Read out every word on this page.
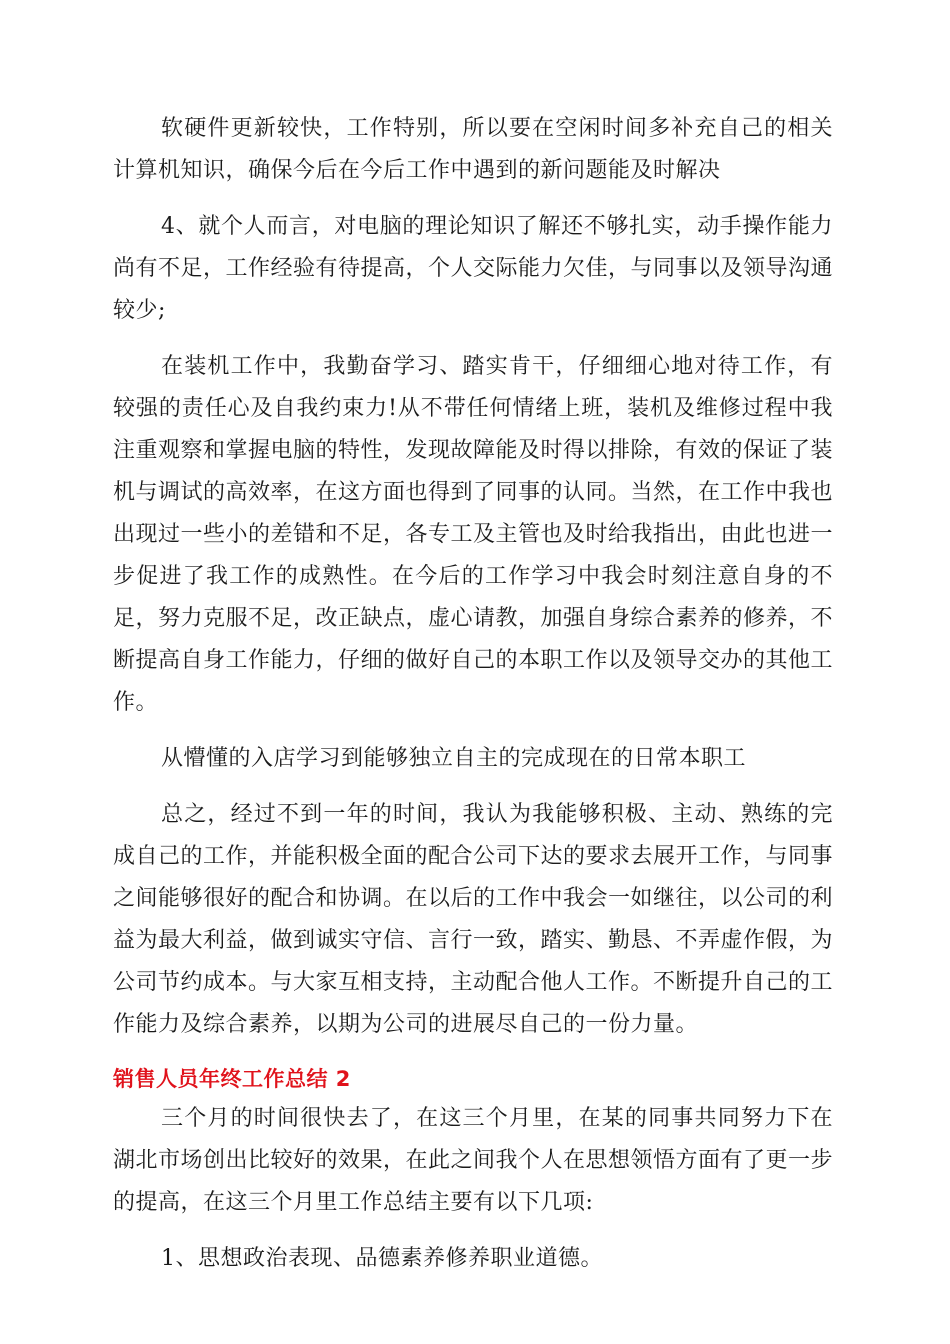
软硬件更新较快，工作特别，所以要在空闲时间多补充自己的相关计算机知识，确保今后在今后工作中遇到的新问题能及时解决

4、就个人而言，对电脑的理论知识了解还不够扎实，动手操作能力尚有不足，工作经验有待提高，个人交际能力欠佳，与同事以及领导沟通较少;

在装机工作中，我勤奋学习、踏实肯干，仔细细心地对待工作，有较强的责任心及自我约束力!从不带任何情绪上班，装机及维修过程中我注重观察和掌握电脑的特性，发现故障能及时得以排除，有效的保证了装机与调试的高效率，在这方面也得到了同事的认同。当然，在工作中我也出现过一些小的差错和不足，各专工及主管也及时给我指出，由此也进一步促进了我工作的成熟性。在今后的工作学习中我会时刻注意自身的不足，努力克服不足，改正缺点，虚心请教，加强自身综合素养的修养，不断提高自身工作能力，仔细的做好自己的本职工作以及领导交办的其他工作。

从懵懂的入店学习到能够独立自主的完成现在的日常本职工

总之，经过不到一年的时间，我认为我能够积极、主动、熟练的完成自己的工作，并能积极全面的配合公司下达的要求去展开工作，与同事之间能够很好的配合和协调。在以后的工作中我会一如继往，以公司的利益为最大利益，做到诚实守信、言行一致，踏实、勤恳、不弄虚作假，为公司节约成本。与大家互相支持，主动配合他人工作。不断提升自己的工作能力及综合素养，以期为公司的进展尽自己的一份力量。

销售人员年终工作总结 2

三个月的时间很快去了，在这三个月里，在某的同事共同努力下在湖北市场创出比较好的效果，在此之间我个人在思想领悟方面有了更一步的提高，在这三个月里工作总结主要有以下几项:

1、思想政治表现、品德素养修养职业道德。
